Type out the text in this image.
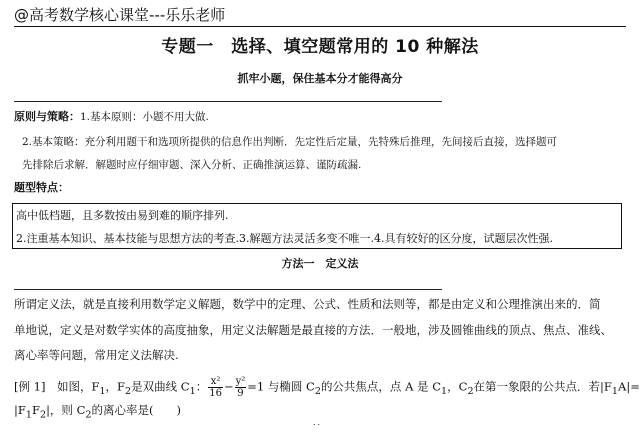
@高考数学核心课堂---乐乐老师
专题一　选择、填空题常用的 10 种解法
抓牢小题，保住基本分才能得高分
原则与策略：1.基本原则：小题不用大做.
2.基本策略：充分利用题干和选项所提供的信息作出判断．先定性后定量，先特殊后推理，先间接后直接，选择题可
先排除后求解．解题时应仔细审题、深入分析、正确推演运算、谨防疏漏.
题型特点：
高中低档题，且多数按由易到难的顺序排列.
2.注重基本知识、基本技能与思想方法的考查.3.解题方法灵活多变不唯一.4.具有较好的区分度，试题层次性强.
方法一　定义法
所谓定义法，就是直接利用数学定义解题，数学中的定理、公式、性质和法则等，都是由定义和公理推演出来的．简
单地说，定义是对数学实体的高度抽象，用定义法解题是最直接的方法．一般地，涉及圆锥曲线的顶点、焦点、准线、
离心率等问题，常用定义法解决.
[例 1]　 如图，$F_1$，$F_2$是双曲线 $C_1$： $\frac{\text{x²}}{16} - \frac{\text{y²}}{9} =1$ 与椭圆 $C_2$的公共焦点，点 A 是 $C_1$，$C_2$在第一象限的公共点．若$|F_1A|=$
$|F_1F_2|$，则 $C_2$的离心率是(　　)
˙˙
